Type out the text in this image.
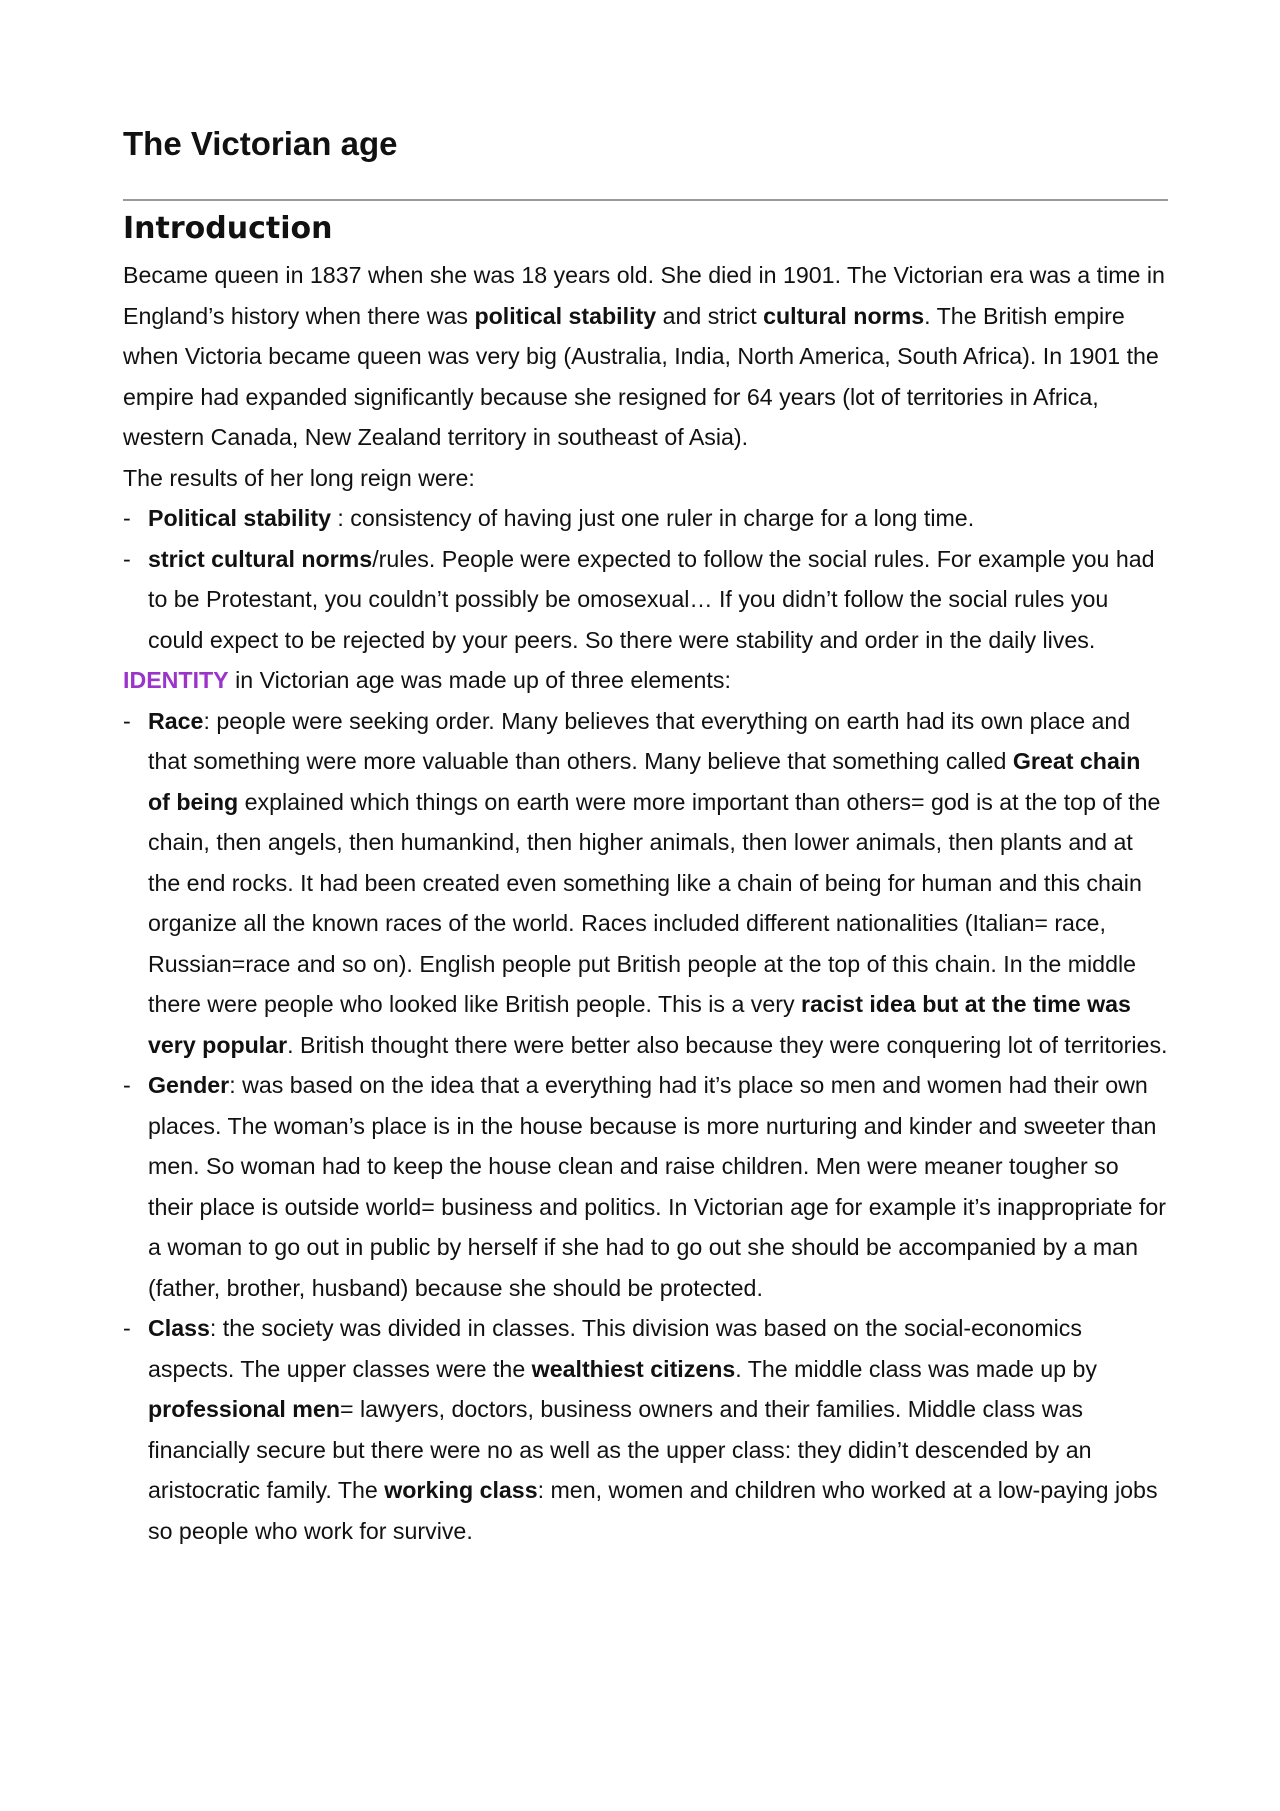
The Victorian age
Introduction

Became queen in 1837 when she was 18 years old. She died in 1901. The Victorian era was a time in England’s history when there was political stability and strict cultural norms. The British empire when Victoria became queen was very big (Australia, India, North America, South Africa). In 1901 the empire had expanded significantly because she resigned for 64 years (lot of territories in Africa, western Canada, New Zealand territory in southeast of Asia).

The results of her long reign were:

- Political stability : consistency of having just one ruler in charge for a long time.
- strict cultural norms/rules. People were expected to follow the social rules. For example you had to be Protestant, you couldn’t possibly be omosexual… If you didn’t follow the social rules you could expect to be rejected by your peers. So there were stability and order in the daily lives.

IDENTITY in Victorian age was made up of three elements:

- Race: people were seeking order. Many believes that everything on earth had its own place and that something were more valuable than others. Many believe that something called Great chain of being explained which things on earth were more important than others= god is at the top of the chain, then angels, then humankind, then higher animals, then lower animals, then plants and at the end rocks. It had been created even something like a chain of being for human and this chain organize all the known races of the world. Races included different nationalities (Italian= race, Russian=race and so on). English people put British people at the top of this chain. In the middle there were people who looked like British people. This is a very racist idea but at the time was very popular. British thought there were better also because they were conquering lot of territories.
- Gender: was based on the idea that a everything had it’s place so men and women had their own places. The woman’s place is in the house because is more nurturing and kinder and sweeter than men. So woman had to keep the house clean and raise children. Men were meaner tougher so their place is outside world= business and politics. In Victorian age for example it’s inappropriate for a woman to go out in public by herself if she had to go out she should be accompanied by a man (father, brother, husband) because she should be protected.
- Class: the society was divided in classes. This division was based on the social-economics aspects. The upper classes were the wealthiest citizens. The middle class was made up by professional men= lawyers, doctors, business owners and their families. Middle class was financially secure but there were no as well as the upper class: they didin’t descended by an aristocratic family. The working class: men, women and children who worked at a low-paying jobs so people who work for survive.
